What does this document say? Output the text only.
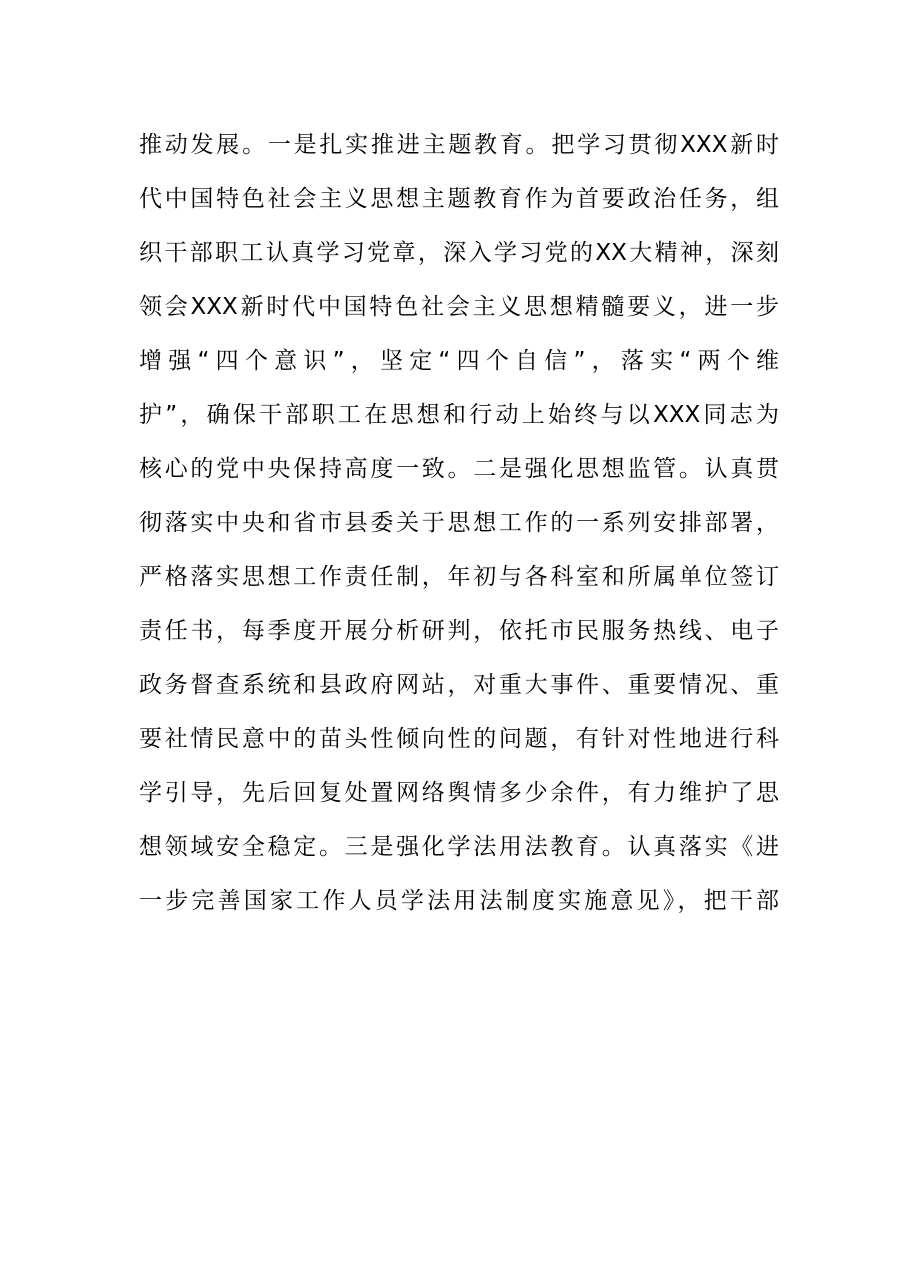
推动发展。一是扎实推进主题教育。把学习贯彻XXX新时
代中国特色社会主义思想主题教育作为首要政治任务，组
织干部职工认真学习党章，深入学习党的XX大精神，深刻
领会XXX新时代中国特色社会主义思想精髓要义，进一步
增强“四个意识”，坚定“四个自信”，落实“两个维
护”，确保干部职工在思想和行动上始终与以XXX同志为
核心的党中央保持高度一致。二是强化思想监管。认真贯
彻落实中央和省市县委关于思想工作的一系列安排部署，
严格落实思想工作责任制，年初与各科室和所属单位签订
责任书，每季度开展分析研判，依托市民服务热线、电子
政务督查系统和县政府网站，对重大事件、重要情况、重
要社情民意中的苗头性倾向性的问题，有针对性地进行科
学引导，先后回复处置网络舆情多少余件，有力维护了思
想领域安全稳定。三是强化学法用法教育。认真落实《进
一步完善国家工作人员学法用法制度实施意见》，把干部
